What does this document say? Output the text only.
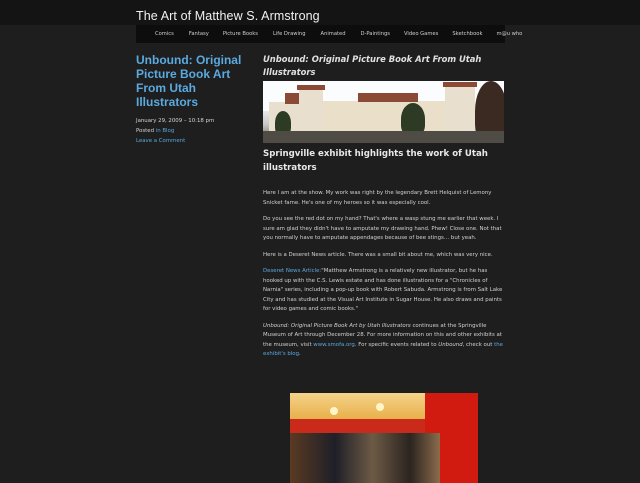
The Art of Matthew S. Armstrong
Comics	Fantasy	Picture Books	Life Drawing	Animated	D-Paintings	Video Games	Sketchbook	m@u who
Unbound: Original Picture Book Art From Utah Illustrators
January 29, 2009 – 10:18 pm
Posted in Blog
Leave a Comment
Unbound: Original Picture Book Art From Utah Illustrators
Springville exhibit highlights the work of Utah illustrators

Here I am at the show. My work was right by the legendary Brett Helquist of Lemony Snicket fame. He's one of my heroes so it was especially cool.

Do you see the red dot on my hand? That's where a wasp stung me earlier that week. I sure am glad they didn't have to amputate my drawing hand. Phew! Close one. Not that you normally have to amputate appendages because of bee stings… but yeah.

Here is a Deseret News article. There was a small bit about me, which was very nice.

Deseret News Article:"Matthew Armstrong is a relatively new illustrator, but he has hooked up with the C.S. Lewis estate and has done illustrations for a "Chronicles of Narnia" series, including a pop-up book with Robert Sabuda. Armstrong is from Salt Lake City and has studied at the Visual Art Institute in Sugar House. He also draws and paints for video games and comic books."

Unbound: Original Picture Book Art by Utah Illustrators continues at the Springville Museum of Art through December 28. For more information on this and other exhibits at the museum, visit www.smofa.org. For specific events related to Unbound, check out the exhibit's blog.
